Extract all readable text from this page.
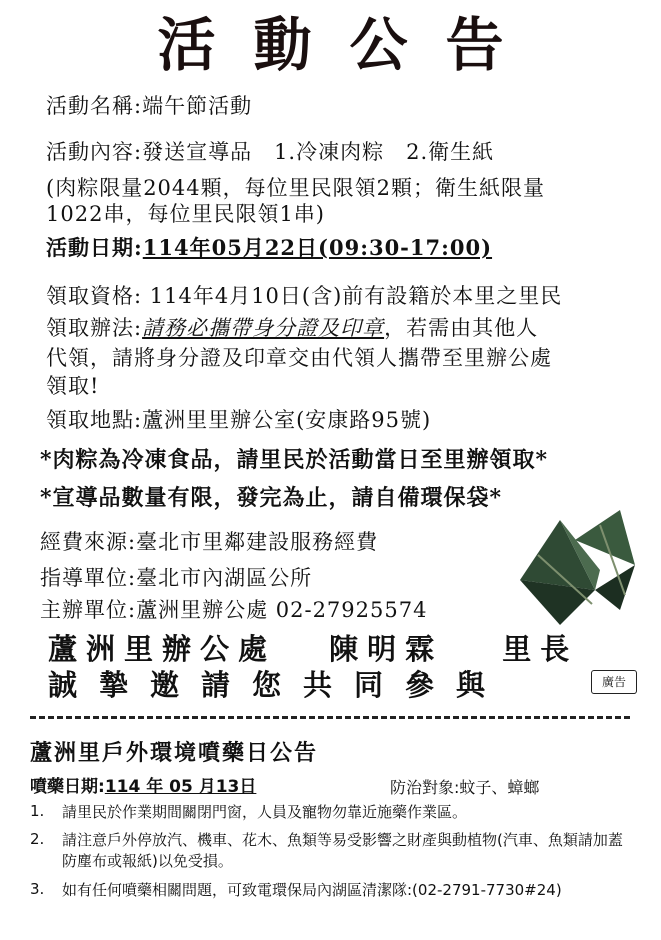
活動公告
活動名稱:端午節活動
活動內容:發送宣導品　1.冷凍肉粽　2.衛生紙
(肉粽限量2044顆，每位里民限領2顆；衛生紙限量
1022串，每位里民限領1串)
活動日期:114年05月22日(09:30-17:00)
領取資格: 114年4月10日(含)前有設籍於本里之里民
領取辦法:請務必攜帶身分證及印章，若需由其他人
代領，請將身分證及印章交由代領人攜帶至里辦公處
領取!
領取地點:蘆洲里里辦公室(安康路95號)
*肉粽為冷凍食品，請里民於活動當日至里辦領取*
*宣導品數量有限，發完為止，請自備環保袋*
經費來源:臺北市里鄰建設服務經費
指導單位:臺北市內湖區公所
主辦單位:蘆洲里辦公處 02-27925574
蘆洲里辦公處 陳明霖 里長
誠摯邀請您共同參與	廣告
蘆洲里戶外環境噴藥日公告
噴藥日期:114 年 05 月13日	防治對象:蚊子、蟑螂
1. 請里民於作業期間關閉門窗，人員及寵物勿靠近施藥作業區。
2. 請注意戶外停放汽、機車、花木、魚類等易受影響之財產與動植物(汽車、魚類請加蓋防塵布或報紙)以免受損。
3. 如有任何噴藥相關問題，可致電環保局內湖區清潔隊:(02-2791-7730#24)
